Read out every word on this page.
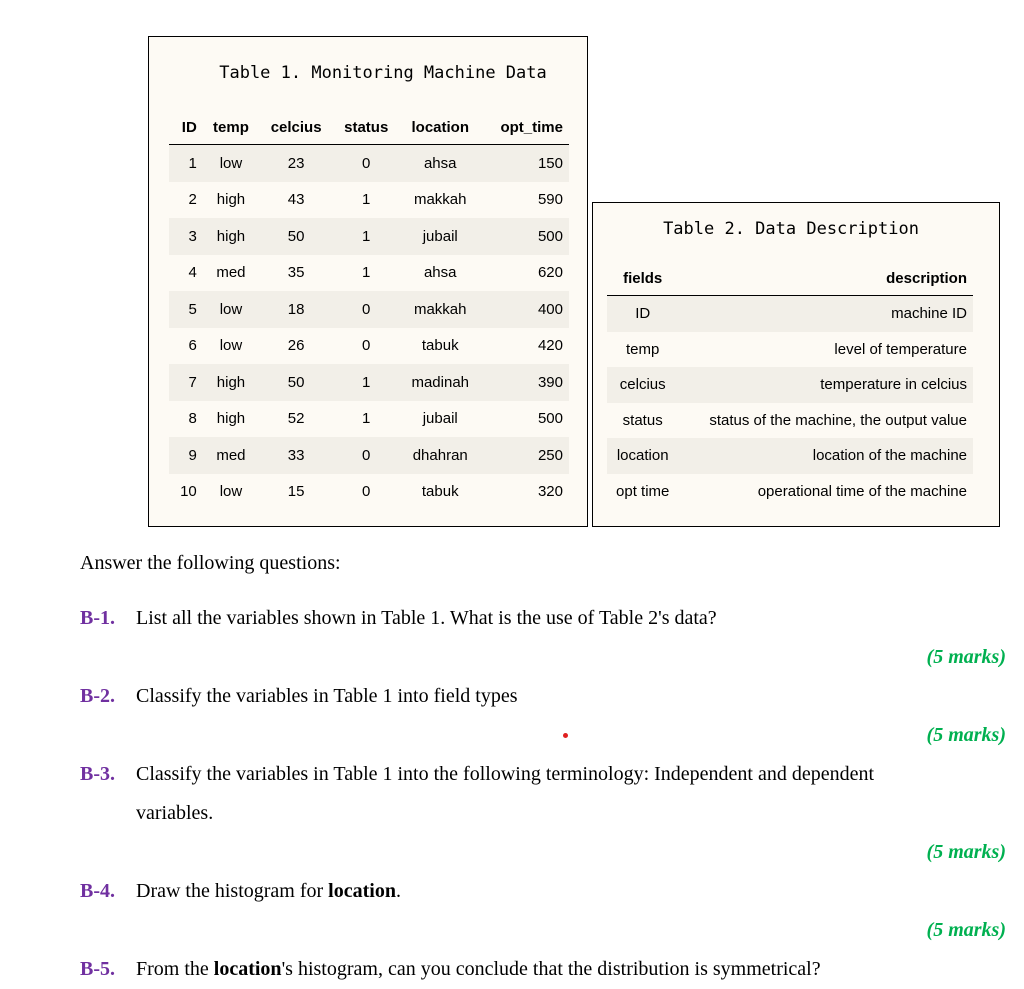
Table 1. Monitoring Machine Data
ID	temp	celcius	status	location	opt_time
1	low	23	0	ahsa	150
2	high	43	1	makkah	590
3	high	50	1	jubail	500
4	med	35	1	ahsa	620
5	low	18	0	makkah	400
6	low	26	0	tabuk	420
7	high	50	1	madinah	390
8	high	52	1	jubail	500
9	med	33	0	dhahran	250
10	low	15	0	tabuk	320
Table 2. Data Description
fields	description
ID	machine ID
temp	level of temperature
celcius	temperature in celcius
status	status of the machine, the output value
location	location of the machine
opt time	operational time of the machine
Answer the following questions:
B-1. List all the variables shown in Table 1. What is the use of Table 2's data?
(5 marks)
B-2. Classify the variables in Table 1 into field types
(5 marks)
B-3. Classify the variables in Table 1 into the following terminology: Independent and dependent
variables.
(5 marks)
B-4. Draw the histogram for location.
(5 marks)
B-5. From the location's histogram, can you conclude that the distribution is symmetrical?
